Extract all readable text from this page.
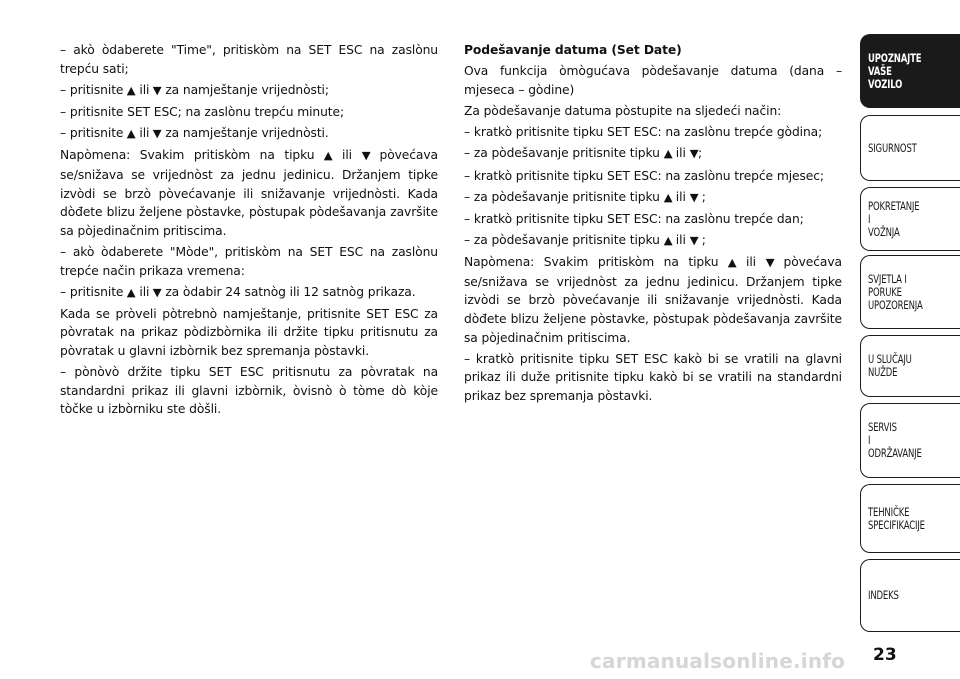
– akò òdaberete "Time", pritiskòm na SET ESC na zaslònu trepću sati;

– pritisnite ▲ ili ▼ za namještanje vrijednòsti;

– pritisnite SET ESC; na zaslònu trepću minute;

– pritisnite ▲ ili ▼ za namještanje vrijednòsti.

Napòmena: Svakim pritiskòm na tipku ▲ ili ▼ pòvećava se/snižava se vrijednòst za jednu jedinicu. Držanjem tipke izvòdi se brzò pòvećavanje ili snižavanje vrijednòsti. Kada dòđete blizu željene pòstavke, pòstupak pòdešavanja završite sa pòjedinačnim pritiscima.

– akò òdaberete "Mòde", pritiskòm na SET ESC na zaslònu trepće način prikaza vremena:

– pritisnite ▲ ili ▼ za òdabir 24 satnòg ili 12 satnòg prikaza.

Kada se pròveli pòtrebnò namještanje, pritisnite SET ESC za pòvratak na prikaz pòdizbòrnika ili držite tipku pritisnutu za pòvratak u glavni izbòrnik bez spremanja pòstavki.

– pònòvò držite tipku SET ESC pritisnutu za pòvratak na standardni prikaz ili glavni izbòrnik, òvisnò ò tòme dò kòje tòčke u izbòrniku ste dòšli.

Podešavanje datuma (Set Date)

Ova funkcija òmògućava pòdešavanje datuma (dana – mjeseca – gòdine)

Za pòdešavanje datuma pòstupite na sljedeći način:

– kratkò pritisnite tipku SET ESC: na zaslònu trepće gòdina;

– za pòdešavanje pritisnite tipku ▲ ili ▼;

– kratkò pritisnite tipku SET ESC: na zaslònu trepće mjesec;

– za pòdešavanje pritisnite tipku ▲ ili ▼ ;

– kratkò pritisnite tipku SET ESC: na zaslònu trepće dan;

– za pòdešavanje pritisnite tipku ▲ ili ▼ ;

Napòmena: Svakim pritiskòm na tipku ▲ ili ▼ pòvećava se/snižava se vrijednòst za jednu jedinicu. Držanjem tipke izvòdi se brzò pòvećavanje ili snižavanje vrijednòsti. Kada dòđete blizu željene pòstavke, pòstupak pòdešavanja završite sa pòjedinačnim pritiscima.

– kratkò pritisnite tipku SET ESC kakò bi se vratili na glavni prikaz ili duže pritisnite tipku kakò bi se vratili na standardni prikaz bez spremanja pòstavki.

UPOZNAJTE
VAŠE
VOZILO
SIGURNOST
POKRETANJE
I
VOŽNJA
SVJETLA I
PORUKE
UPOZORENJA
U SLUČAJU
NUŽDE
SERVIS
I
ODRŽAVANJE
TEHNIČKE
SPECIFIKACIJE
INDEKS
carmanualsonline.info 23
